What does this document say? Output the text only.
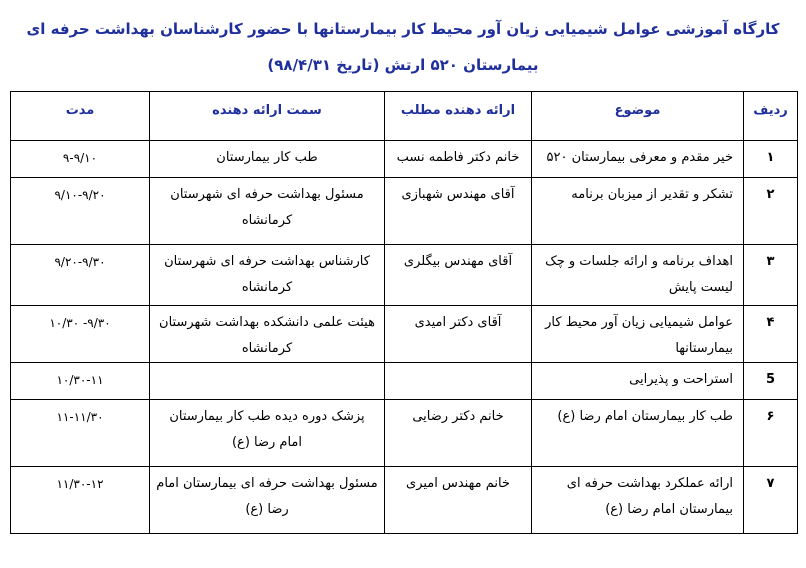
کارگاه آموزشی عوامل شیمیایی زیان آور محیط کار بیمارستانها با حضور کارشناسان بهداشت حرفه ای
بیمارستان ۵۲۰ ارتش (تاریخ ۹۸/۴/۳۱)
ردیف	موضوع	ارائه دهنده مطلب	سمت ارائه دهنده	مدت
۱	خیر مقدم و معرفی بیمارستان ۵۲۰	خانم دکتر فاطمه نسب	طب کار بیمارستان	۹-۹/۱۰
۲	تشکر و تقدیر از میزبان برنامه	آقای مهندس شهبازی	مسئول بهداشت حرفه ای شهرستان کرمانشاه	۹/۱۰-۹/۲۰
۳	اهداف برنامه و ارائه جلسات و چک لیست پایش	آقای مهندس بیگلری	کارشناس بهداشت حرفه ای شهرستان کرمانشاه	۹/۲۰-۹/۳۰
۴	عوامل شیمیایی زیان آور محیط کار بیمارستانها	آقای دکتر امیدی	هیئت علمی دانشکده بهداشت شهرستان کرمانشاه	۹/۳۰- ۱۰/۳۰
5	استراحت و پذیرایی			۱۰/۳۰-۱۱
۶	طب کار بیمارستان امام رضا (ع)	خانم دکتر رضایی	پزشک دوره دیده طب کار بیمارستان امام رضا (ع)	۱۱-۱۱/۳۰
۷	ارائه عملکرد بهداشت حرفه ای بیمارستان امام رضا (ع)	خانم مهندس امیری	مسئول بهداشت حرفه ای بیمارستان امام رضا (ع)	۱۱/۳۰-۱۲
